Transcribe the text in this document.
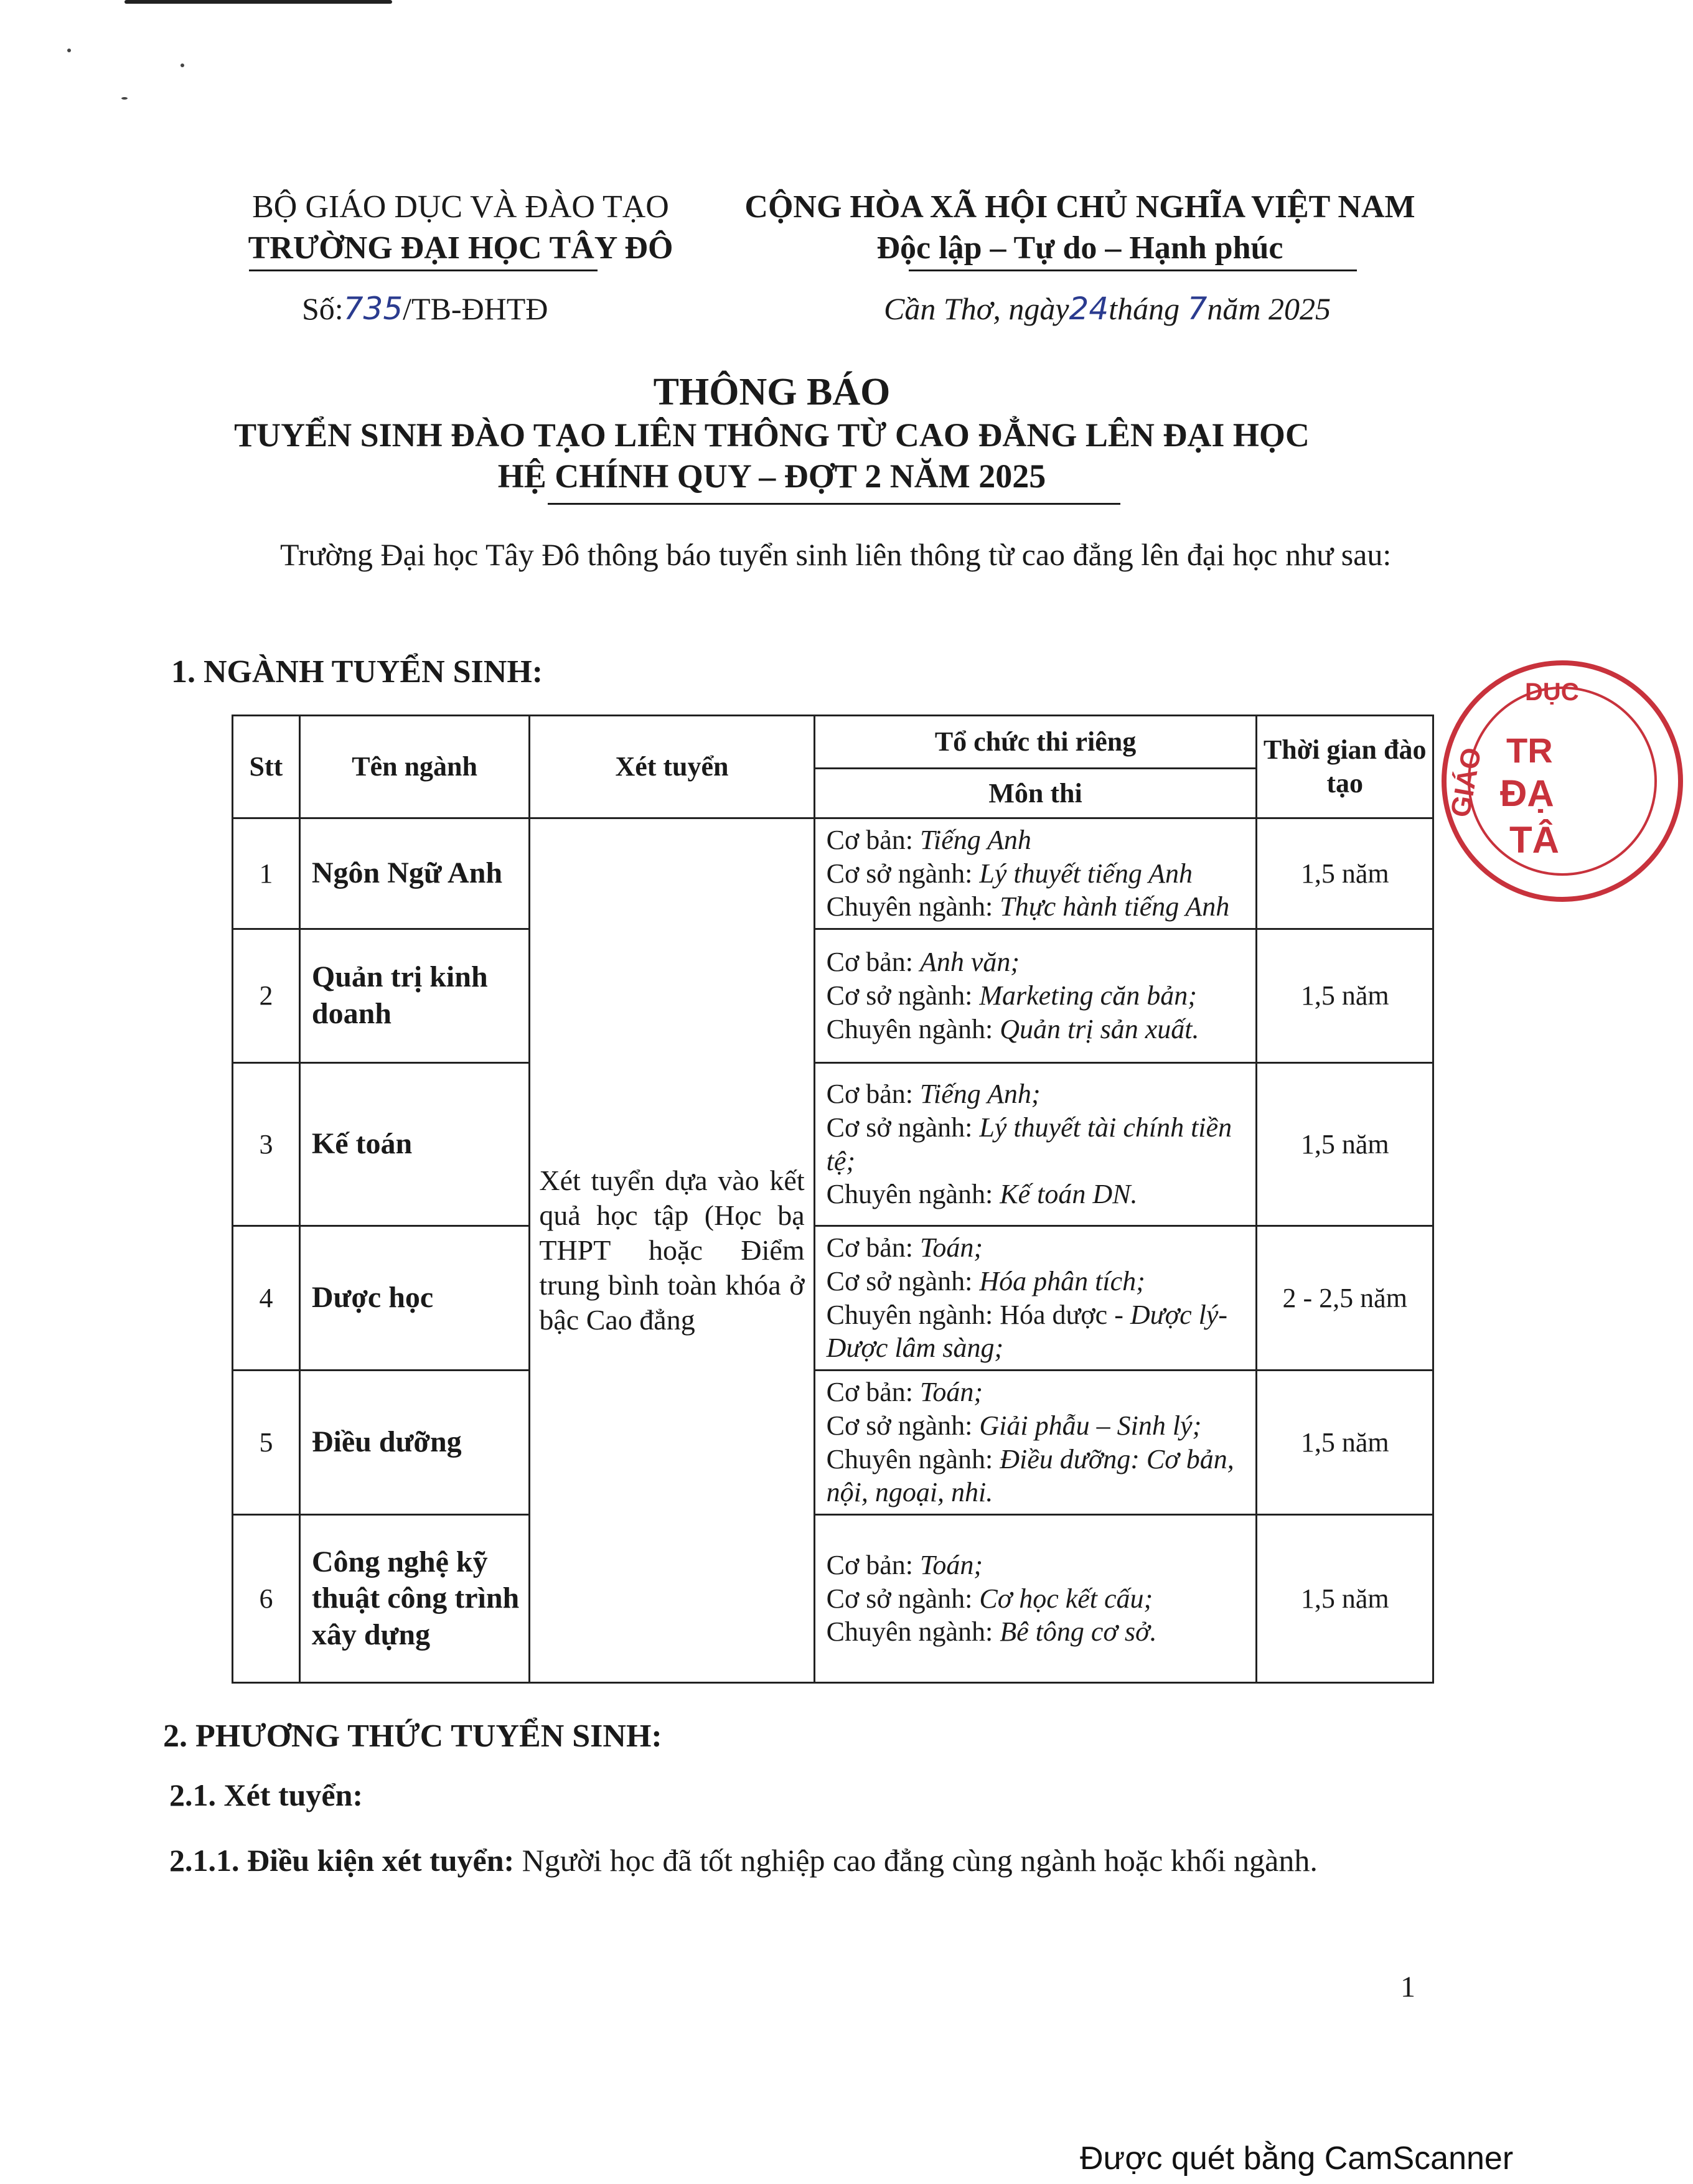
BỘ GIÁO DỤC VÀ ĐÀO TẠO
TRƯỜNG ĐẠI HỌC TÂY ĐÔ
CỘNG HÒA XÃ HỘI CHỦ NGHĨA VIỆT NAM
Độc lập – Tự do – Hạnh phúc
Số:735/TB-ĐHTĐ	Cần Thơ, ngày24tháng 7năm 2025
THÔNG BÁO
TUYỂN SINH ĐÀO TẠO LIÊN THÔNG TỪ CAO ĐẲNG LÊN ĐẠI HỌC
HỆ CHÍNH QUY – ĐỢT 2 NĂM 2025
Trường Đại học Tây Đô thông báo tuyển sinh liên thông từ cao đẳng lên đại học như sau:
1. NGÀNH TUYỂN SINH:
Stt	Tên ngành	Xét tuyển	Tổ chức thi riêng	Thời gian đào tạo
			Môn thi	
1	Ngôn Ngữ Anh	Xét tuyển dựa vào kết quả học tập (Học bạ THPT hoặc Điểm trung bình toàn khóa ở bậc Cao đẳng	Cơ bản: Tiếng Anh
Cơ sở ngành: Lý thuyết tiếng Anh
Chuyên ngành: Thực hành tiếng Anh	1,5 năm
2	Quản trị kinh doanh		Cơ bản: Anh văn;
Cơ sở ngành: Marketing căn bản;
Chuyên ngành: Quản trị sản xuất.	1,5 năm
3	Kế toán		Cơ bản: Tiếng Anh;
Cơ sở ngành: Lý thuyết tài chính tiền tệ;
Chuyên ngành: Kế toán DN.	1,5 năm
4	Dược học		Cơ bản: Toán;
Cơ sở ngành: Hóa phân tích;
Chuyên ngành: Hóa dược - Dược lý-Dược lâm sàng;	2 - 2,5 năm
5	Điều dưỡng		Cơ bản: Toán;
Cơ sở ngành: Giải phẫu – Sinh lý;
Chuyên ngành: Điều dưỡng: Cơ bản, nội, ngoại, nhi.	1,5 năm
6	Công nghệ kỹ thuật công trình xây dựng		Cơ bản: Toán;
Cơ sở ngành: Cơ học kết cấu;
Chuyên ngành: Bê tông cơ sở.	1,5 năm
GIÁO
DỤC
TR
ĐẠ
TÂ
2. PHƯƠNG THỨC TUYỂN SINH:
2.1. Xét tuyển:
2.1.1. Điều kiện xét tuyển: Người học đã tốt nghiệp cao đẳng cùng ngành hoặc khối ngành.
1
Được quét bằng CamScanner
